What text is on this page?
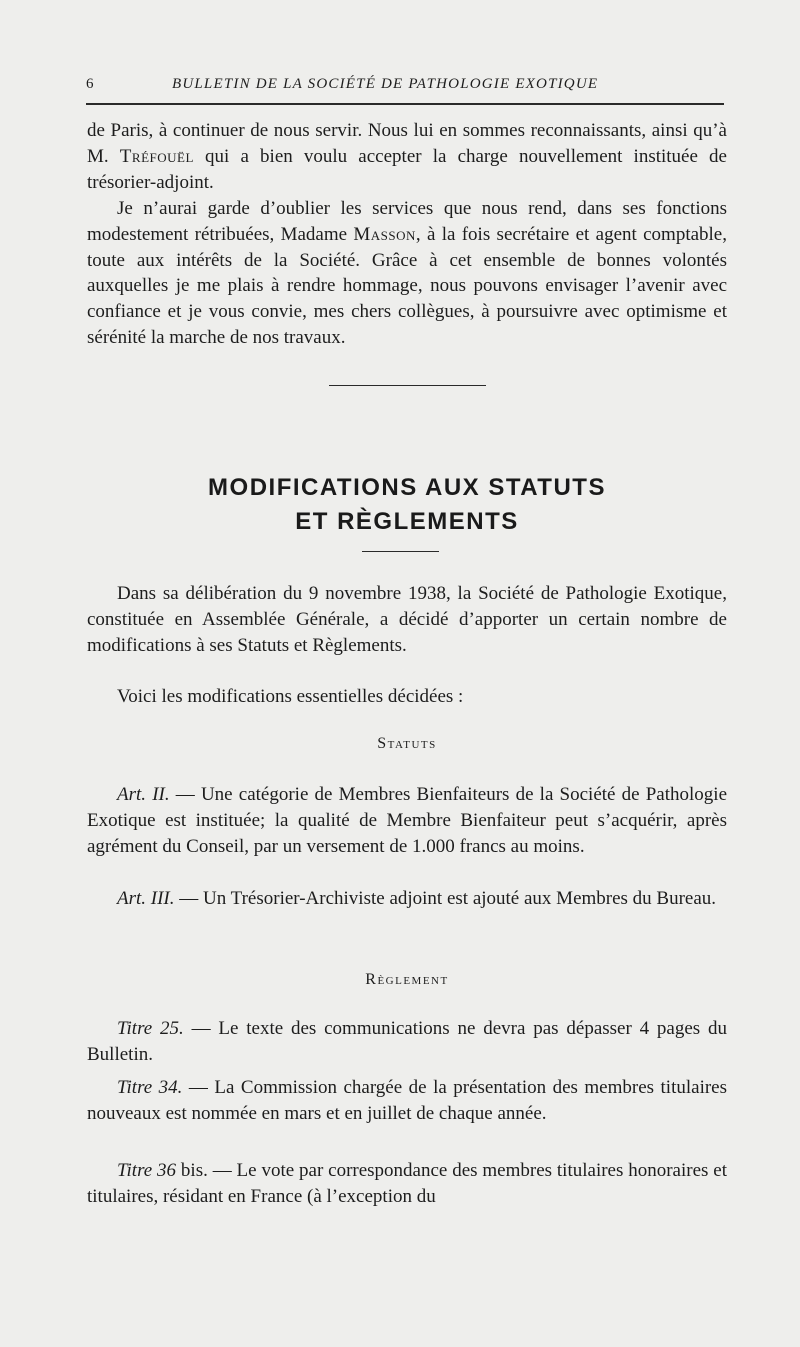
6	BULLETIN DE LA SOCIÉTÉ DE PATHOLOGIE EXOTIQUE

de Paris, à continuer de nous servir. Nous lui en sommes reconnaissants, ainsi qu’à M. Tréfouël qui a bien voulu accepter la charge nouvellement instituée de trésorier-adjoint.

Je n’aurai garde d’oublier les services que nous rend, dans ses fonctions modestement rétribuées, Madame Masson, à la fois secrétaire et agent comptable, toute aux intérêts de la Société. Grâce à cet ensemble de bonnes volontés auxquelles je me plais à rendre hommage, nous pouvons envisager l’avenir avec confiance et je vous convie, mes chers collègues, à poursuivre avec optimisme et sérénité la marche de nos travaux.

MODIFICATIONS AUX STATUTS
ET RÈGLEMENTS

Dans sa délibération du 9 novembre 1938, la Société de Pathologie Exotique, constituée en Assemblée Générale, a décidé d’apporter un certain nombre de modifications à ses Statuts et Règlements.

Voici les modifications essentielles décidées :

Statuts

Art. II. — Une catégorie de Membres Bienfaiteurs de la Société de Pathologie Exotique est instituée; la qualité de Membre Bienfaiteur peut s’acquérir, après agrément du Conseil, par un versement de 1.000 francs au moins.

Art. III. — Un Trésorier-Archiviste adjoint est ajouté aux Membres du Bureau.

Règlement

Titre 25. — Le texte des communications ne devra pas dépasser 4 pages du Bulletin.

Titre 34. — La Commission chargée de la présentation des membres titulaires nouveaux est nommée en mars et en juillet de chaque année.

Titre 36 bis. — Le vote par correspondance des membres titulaires honoraires et titulaires, résidant en France (à l’exception du
